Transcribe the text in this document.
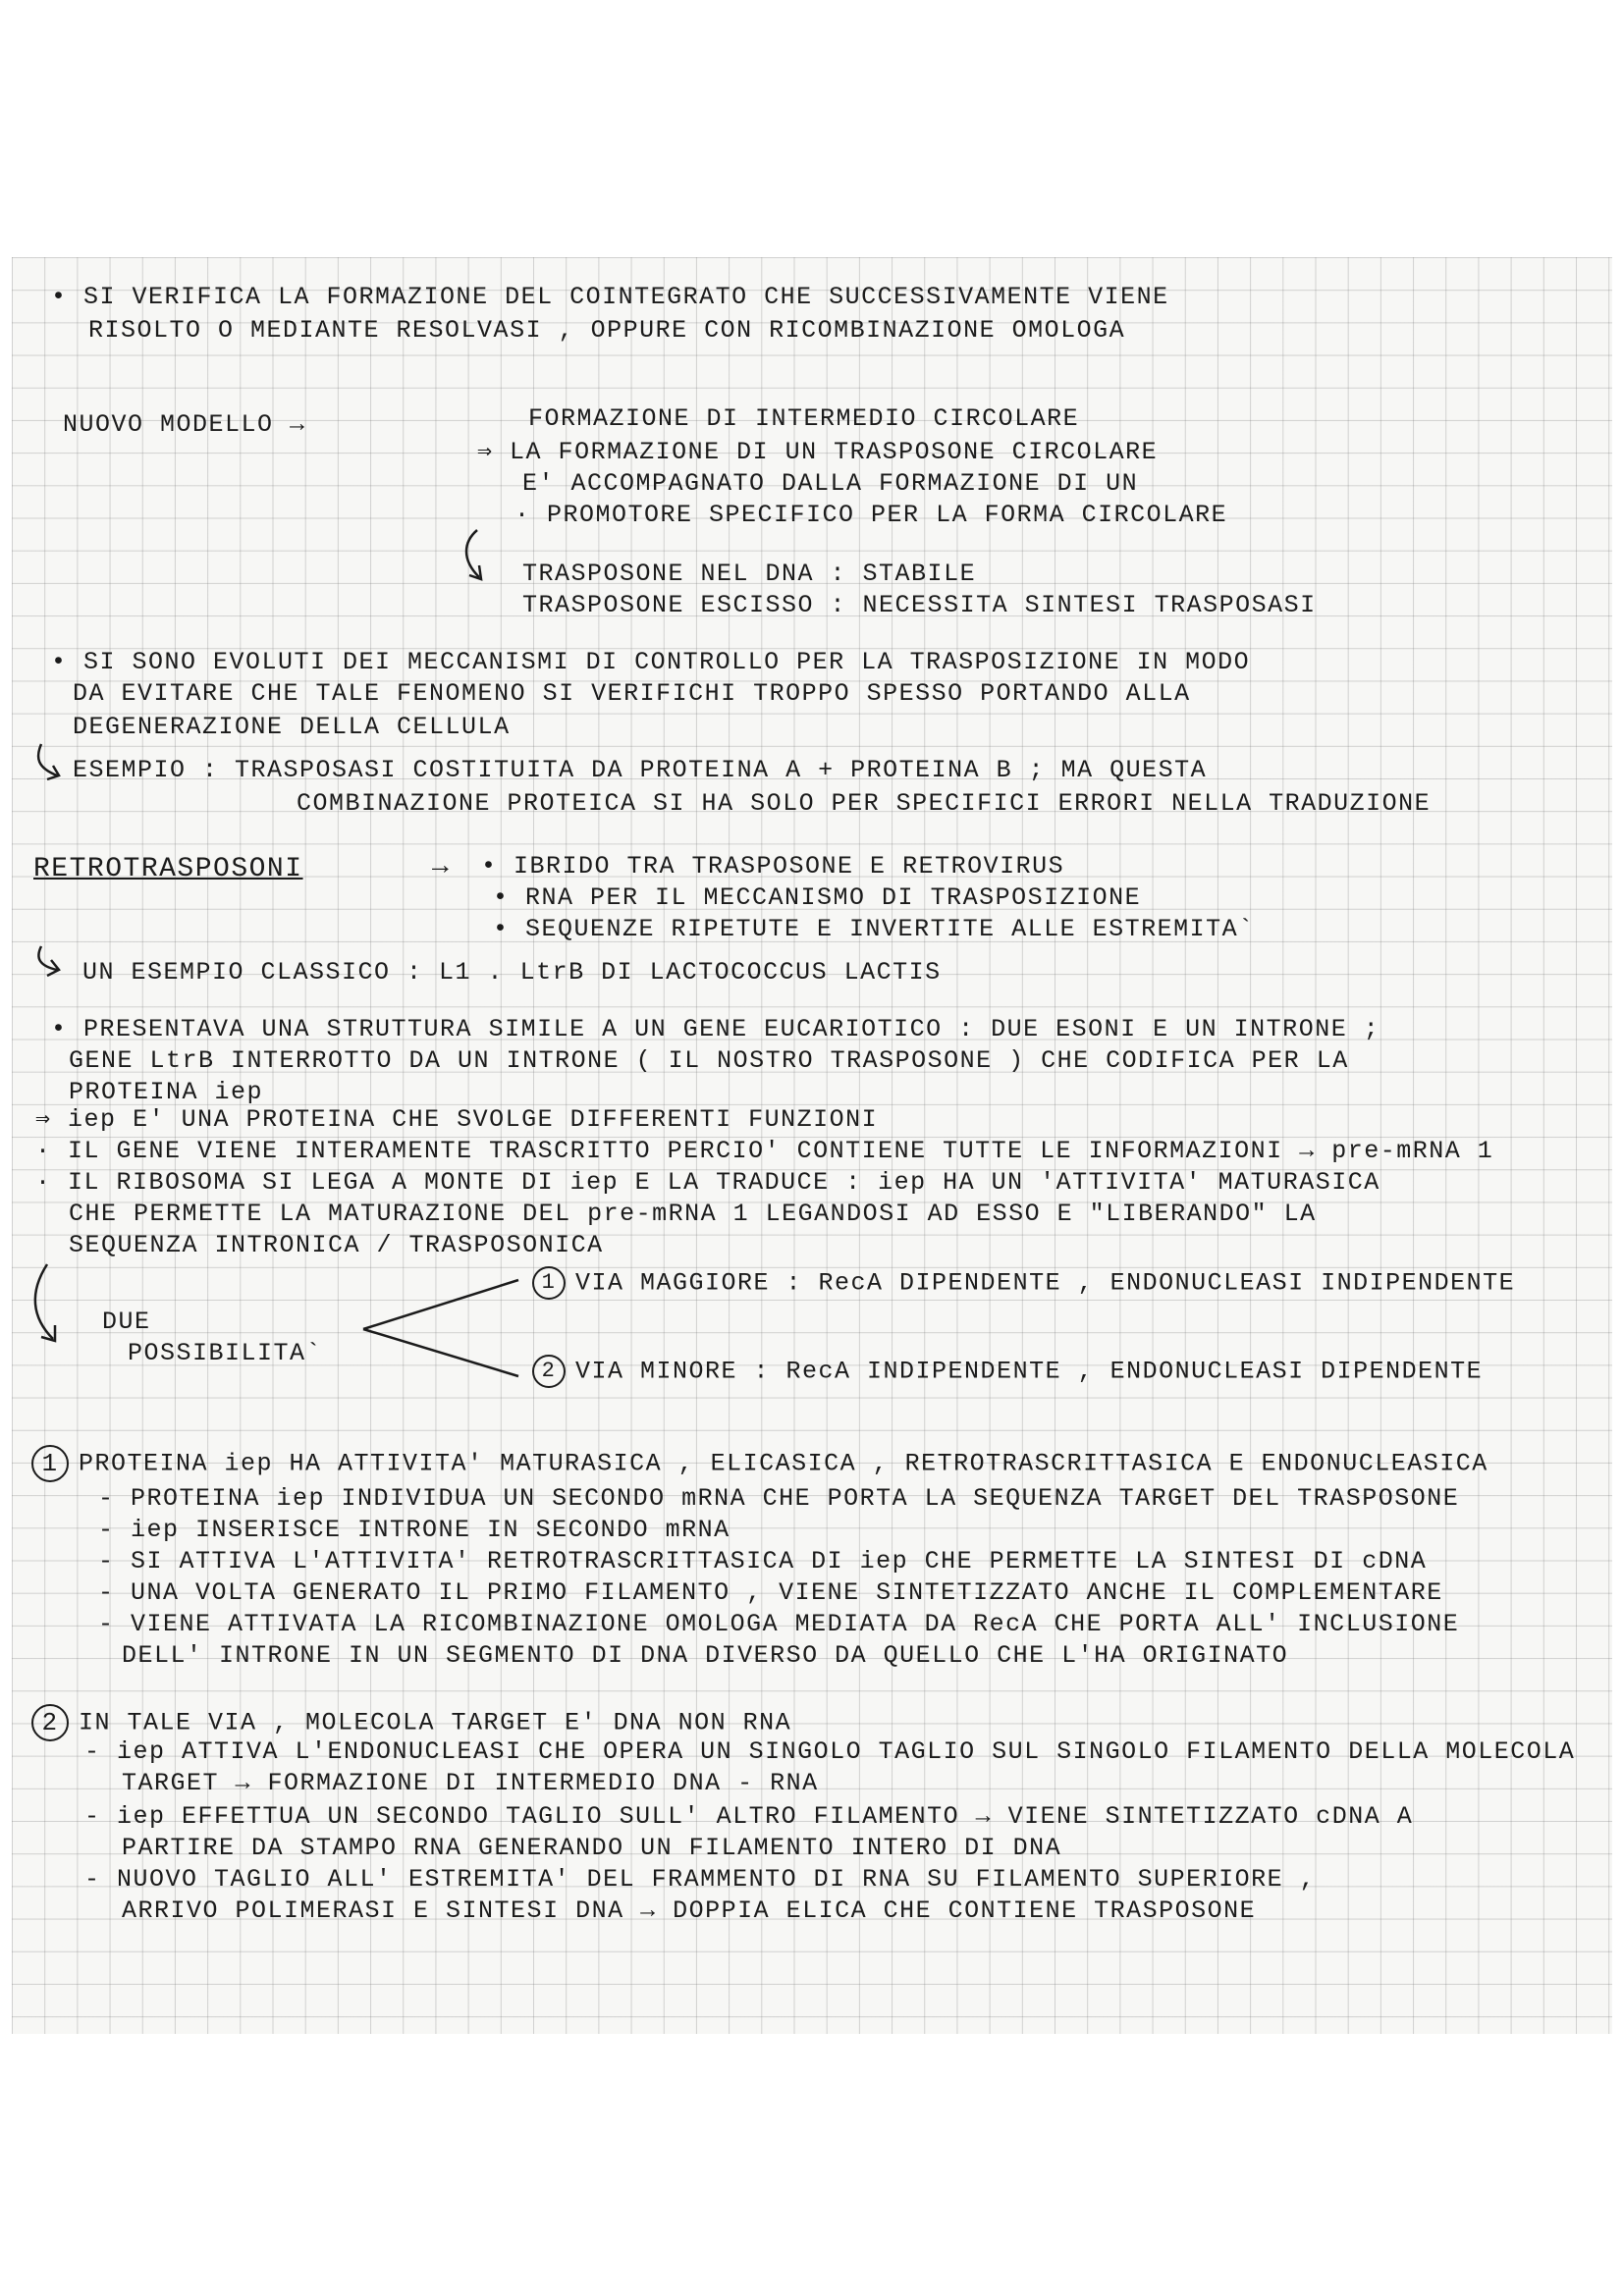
• SI VERIFICA LA FORMAZIONE DEL COINTEGRATO CHE SUCCESSIVAMENTE VIENE
RISOLTO O MEDIANTE RESOLVASI , OPPURE CON RICOMBINAZIONE OMOLOGA
NUOVO MODELLO →	FORMAZIONE DI INTERMEDIO CIRCOLARE
⇒ LA FORMAZIONE DI UN TRASPOSONE CIRCOLARE
E' ACCOMPAGNATO DALLA FORMAZIONE DI UN
· PROMOTORE SPECIFICO PER LA FORMA CIRCOLARE
TRASPOSONE NEL DNA : STABILE
TRASPOSONE ESCISSO : NECESSITA SINTESI TRASPOSASI
• SI SONO EVOLUTI DEI MECCANISMI DI CONTROLLO PER LA TRASPOSIZIONE IN MODO
DA EVITARE CHE TALE FENOMENO SI VERIFICHI TROPPO SPESSO PORTANDO ALLA
DEGENERAZIONE DELLA CELLULA
ESEMPIO : TRASPOSASI COSTITUITA DA PROTEINA A + PROTEINA B ; MA QUESTA
COMBINAZIONE PROTEICA SI HA SOLO PER SPECIFICI ERRORI NELLA TRADUZIONE
RETROTRASPOSONI	→ • IBRIDO TRA TRASPOSONE E RETROVIRUS
• RNA PER IL MECCANISMO DI TRASPOSIZIONE
• SEQUENZE RIPETUTE E INVERTITE ALLE ESTREMITA`
UN ESEMPIO CLASSICO : L1 . LtrB DI LACTOCOCCUS LACTIS
• PRESENTAVA UNA STRUTTURA SIMILE A UN GENE EUCARIOTICO : DUE ESONI E UN INTRONE ;
GENE LtrB INTERROTTO DA UN INTRONE ( IL NOSTRO TRASPOSONE ) CHE CODIFICA PER LA
PROTEINA iep
⇒ iep E' UNA PROTEINA CHE SVOLGE DIFFERENTI FUNZIONI
· IL GENE VIENE INTERAMENTE TRASCRITTO PERCIO' CONTIENE TUTTE LE INFORMAZIONI → pre-mRNA 1
· IL RIBOSOMA SI LEGA A MONTE DI iep E LA TRADUCE : iep HA UN 'ATTIVITA' MATURASICA
CHE PERMETTE LA MATURAZIONE DEL pre-mRNA 1 LEGANDOSI AD ESSO E "LIBERANDO" LA
SEQUENZA INTRONICA / TRASPOSONICA
DUE
POSSIBILITA`
1 VIA MAGGIORE : RecA DIPENDENTE , ENDONUCLEASI INDIPENDENTE
2 VIA MINORE : RecA INDIPENDENTE , ENDONUCLEASI DIPENDENTE
1 PROTEINA iep HA ATTIVITA' MATURASICA , ELICASICA , RETROTRASCRITTASICA E ENDONUCLEASICA
- PROTEINA iep INDIVIDUA UN SECONDO mRNA CHE PORTA LA SEQUENZA TARGET DEL TRASPOSONE
- iep INSERISCE INTRONE IN SECONDO mRNA
- SI ATTIVA L'ATTIVITA' RETROTRASCRITTASICA DI iep CHE PERMETTE LA SINTESI DI cDNA
- UNA VOLTA GENERATO IL PRIMO FILAMENTO , VIENE SINTETIZZATO ANCHE IL COMPLEMENTARE
- VIENE ATTIVATA LA RICOMBINAZIONE OMOLOGA MEDIATA DA RecA CHE PORTA ALL' INCLUSIONE
DELL' INTRONE IN UN SEGMENTO DI DNA DIVERSO DA QUELLO CHE L'HA ORIGINATO
2 IN TALE VIA , MOLECOLA TARGET E' DNA NON RNA
- iep ATTIVA L'ENDONUCLEASI CHE OPERA UN SINGOLO TAGLIO SUL SINGOLO FILAMENTO DELLA MOLECOLA
TARGET → FORMAZIONE DI INTERMEDIO DNA - RNA
- iep EFFETTUA UN SECONDO TAGLIO SULL' ALTRO FILAMENTO → VIENE SINTETIZZATO cDNA A
PARTIRE DA STAMPO RNA GENERANDO UN FILAMENTO INTERO DI DNA
- NUOVO TAGLIO ALL' ESTREMITA' DEL FRAMMENTO DI RNA SU FILAMENTO SUPERIORE ,
ARRIVO POLIMERASI E SINTESI DNA → DOPPIA ELICA CHE CONTIENE TRASPOSONE
